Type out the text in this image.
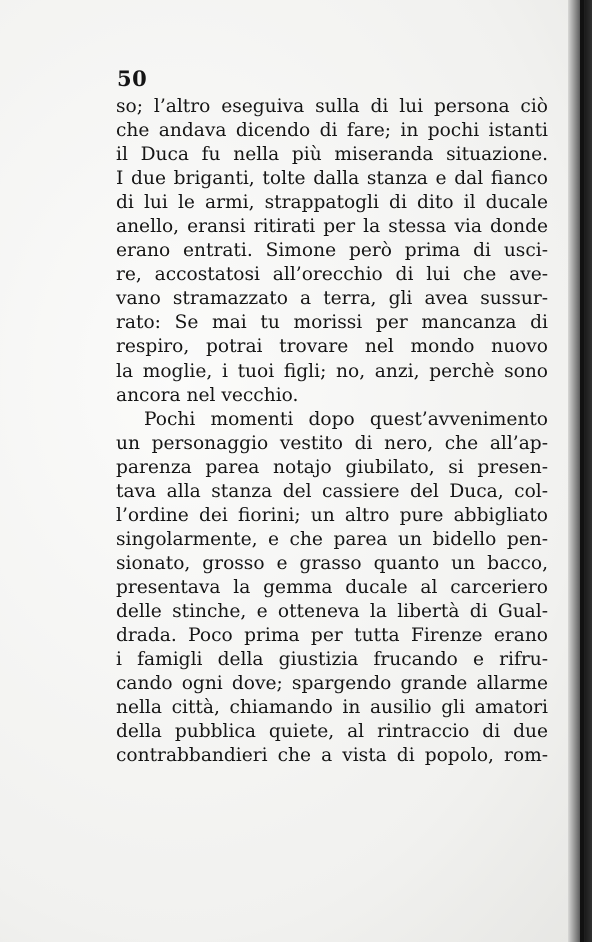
50
so; l’altro eseguiva sulla di lui persona ciò
che andava dicendo di fare; in pochi istanti
il Duca fu nella più miseranda situazione.
I due briganti, tolte dalla stanza e dal fianco
di lui le armi, strappatogli di dito il ducale
anello, eransi ritirati per la stessa via donde
erano entrati. Simone però prima di usci-
re, accostatosi all’orecchio di lui che ave-
vano stramazzato a terra, gli avea sussur-
rato: Se mai tu morissi per mancanza di
respiro, potrai trovare nel mondo nuovo
la moglie, i tuoi figli; no, anzi, perchè sono
ancora nel vecchio.
Pochi momenti dopo quest’avvenimento
un personaggio vestito di nero, che all’ap-
parenza parea notajo giubilato, si presen-
tava alla stanza del cassiere del Duca, col-
l’ordine dei fiorini; un altro pure abbigliato
singolarmente, e che parea un bidello pen-
sionato, grosso e grasso quanto un bacco,
presentava la gemma ducale al carceriero
delle stinche, e otteneva la libertà di Gual-
drada. Poco prima per tutta Firenze erano
i famigli della giustizia frucando e rifru-
cando ogni dove; spargendo grande allarme
nella città, chiamando in ausilio gli amatori
della pubblica quiete, al rintraccio di due
contrabbandieri che a vista di popolo, rom-
